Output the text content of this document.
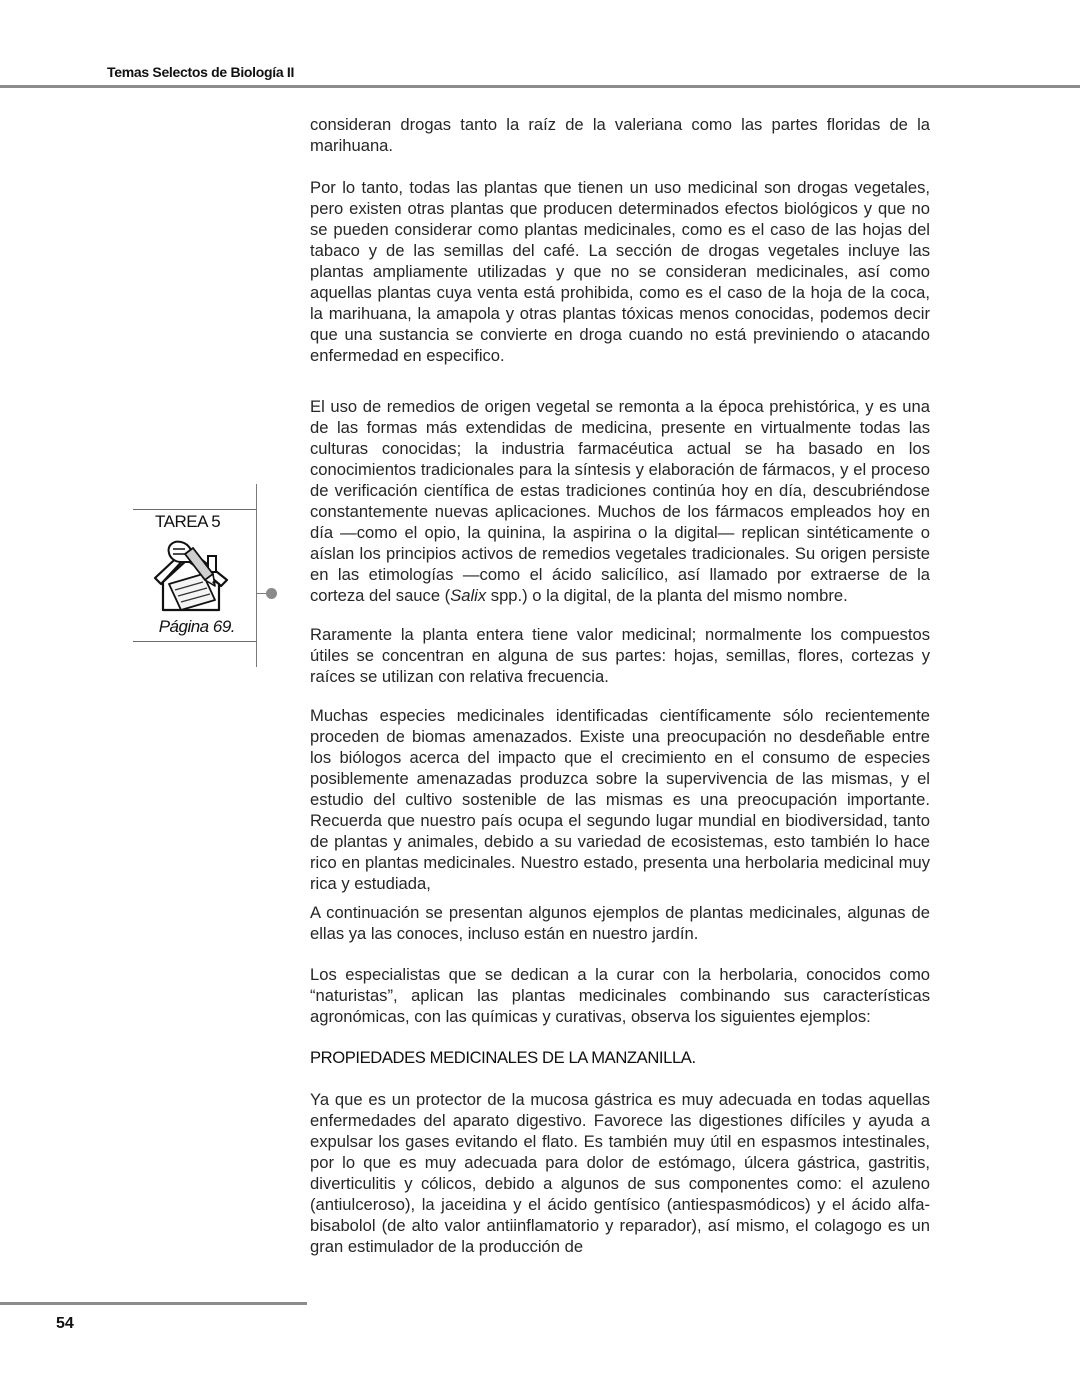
Temas Selectos de Biología II

consideran drogas tanto la raíz de la valeriana como las partes floridas de la marihuana.

Por lo tanto, todas las plantas que tienen un uso medicinal son drogas vegetales, pero existen otras plantas que producen determinados efectos biológicos y que no se pueden considerar como plantas medicinales, como es el caso de las hojas del tabaco y de las semillas del café. La sección de drogas vegetales incluye las plantas ampliamente utilizadas y que no se consideran medicinales, así como aquellas plantas cuya venta está prohibida, como es el caso de la hoja de la coca, la marihuana, la amapola y otras plantas tóxicas menos conocidas, podemos decir que una sustancia se convierte en droga cuando no está previniendo o atacando enfermedad en especifico.

El uso de remedios de origen vegetal se remonta a la época prehistórica, y es una de las formas más extendidas de medicina, presente en virtualmente todas las culturas conocidas; la industria farmacéutica actual se ha basado en los conocimientos tradicionales para la síntesis y elaboración de fármacos, y el proceso de verificación científica de estas tradiciones continúa hoy en día, descubriéndose constantemente nuevas aplicaciones. Muchos de los fármacos empleados hoy en día —como el opio, la quinina, la aspirina o la digital— replican sintéticamente o aíslan los principios activos de remedios vegetales tradicionales. Su origen persiste en las etimologías —como el ácido salicílico, así llamado por extraerse de la corteza del sauce (Salix spp.) o la digital, de la planta del mismo nombre.

Raramente la planta entera tiene valor medicinal; normalmente los compuestos útiles se concentran en alguna de sus partes: hojas, semillas, flores, cortezas y raíces se utilizan con relativa frecuencia.

Muchas especies medicinales identificadas científicamente sólo recientemente proceden de biomas amenazados. Existe una preocupación no desdeñable entre los biólogos acerca del impacto que el crecimiento en el consumo de especies posiblemente amenazadas produzca sobre la supervivencia de las mismas, y el estudio del cultivo sostenible de las mismas es una preocupación importante. Recuerda que nuestro país ocupa el segundo lugar mundial en biodiversidad, tanto de plantas y animales, debido a su variedad de ecosistemas, esto también lo hace rico en plantas medicinales. Nuestro estado, presenta una herbolaria medicinal muy rica y estudiada,

A continuación se presentan algunos ejemplos de plantas medicinales, algunas de ellas ya las conoces, incluso están en nuestro jardín.

Los especialistas que se dedican a la curar con la herbolaria, conocidos como “naturistas”, aplican las plantas medicinales combinando sus características agronómicas, con las químicas y curativas, observa los siguientes ejemplos:

PROPIEDADES MEDICINALES DE LA MANZANILLA.

Ya que es un protector de la mucosa gástrica es muy adecuada en todas aquellas enfermedades del aparato digestivo. Favorece las digestiones difíciles y ayuda a expulsar los gases evitando el flato. Es también muy útil en espasmos intestinales, por lo que es muy adecuada para dolor de estómago, úlcera gástrica, gastritis, diverticulitis y cólicos, debido a algunos de sus componentes como: el azuleno (antiulceroso), la jaceidina y el ácido gentísico (antiespasmódicos) y el ácido alfa-bisabolol (de alto valor antiinflamatorio y reparador), así mismo, el colagogo es un gran estimulador de la producción de

TAREA 5
Página 69.
54
